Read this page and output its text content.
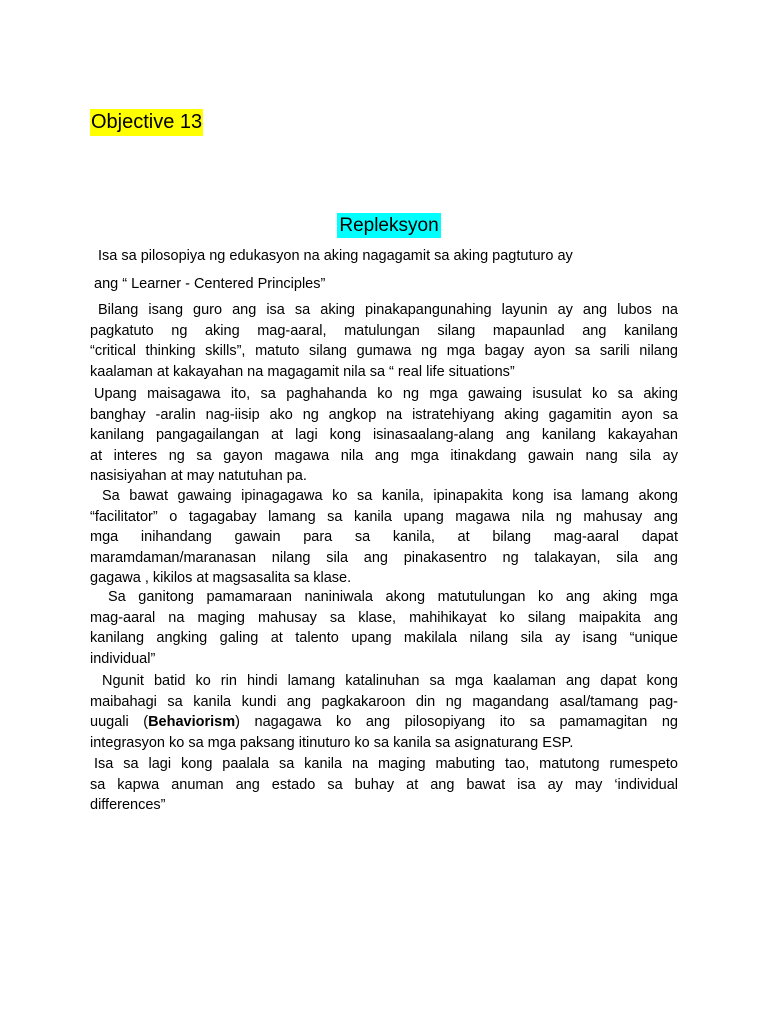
Objective 13
Repleksyon

Isa sa pilosopiya ng edukasyon na aking nagagamit sa aking pagtuturo ay

ang “ Learner - Centered Principles”

Bilang isang guro ang isa sa aking pinakapangunahing layunin ay ang lubos na
pagkatuto ng aking mag-aaral, matulungan silang mapaunlad ang kanilang
“critical thinking skills”, matuto silang gumawa ng mga bagay ayon sa sarili nilang
kaalaman at kakayahan na magagamit nila sa “ real life situations”

Upang maisagawa ito, sa paghahanda ko ng mga gawaing isusulat ko sa aking
banghay -aralin nag-iisip ako ng angkop na istratehiyang aking gagamitin ayon sa
kanilang pangagailangan at lagi kong isinasaalang-alang ang kanilang kakayahan
at interes ng sa gayon magawa nila ang mga itinakdang gawain nang sila ay
nasisiyahan at may natutuhan pa.

Sa bawat gawaing ipinagagawa ko sa kanila, ipinapakita kong isa lamang akong
“facilitator” o tagagabay lamang sa kanila upang magawa nila ng mahusay ang
mga inihandang gawain para sa kanila, at bilang mag-aaral dapat
maramdaman/maranasan nilang sila ang pinakasentro ng talakayan, sila ang
gagawa , kikilos at magsasalita sa klase.

Sa ganitong pamamaraan naniniwala akong matutulungan ko ang aking mga
mag-aaral na maging mahusay sa klase, mahihikayat ko silang maipakita ang
kanilang angking galing at talento upang makilala nilang sila ay isang “unique
individual”

Ngunit batid ko rin hindi lamang katalinuhan sa mga kaalaman ang dapat kong
maibahagi sa kanila kundi ang pagkakaroon din ng magandang asal/tamang pag-
uugali (Behaviorism) nagagawa ko ang pilosopiyang ito sa pamamagitan ng
integrasyon ko sa mga paksang itinuturo ko sa kanila sa asignaturang ESP.

Isa sa lagi kong paalala sa kanila na maging mabuting tao, matutong rumespeto
sa kapwa anuman ang estado sa buhay at ang bawat isa ay may ‘individual
differences”
